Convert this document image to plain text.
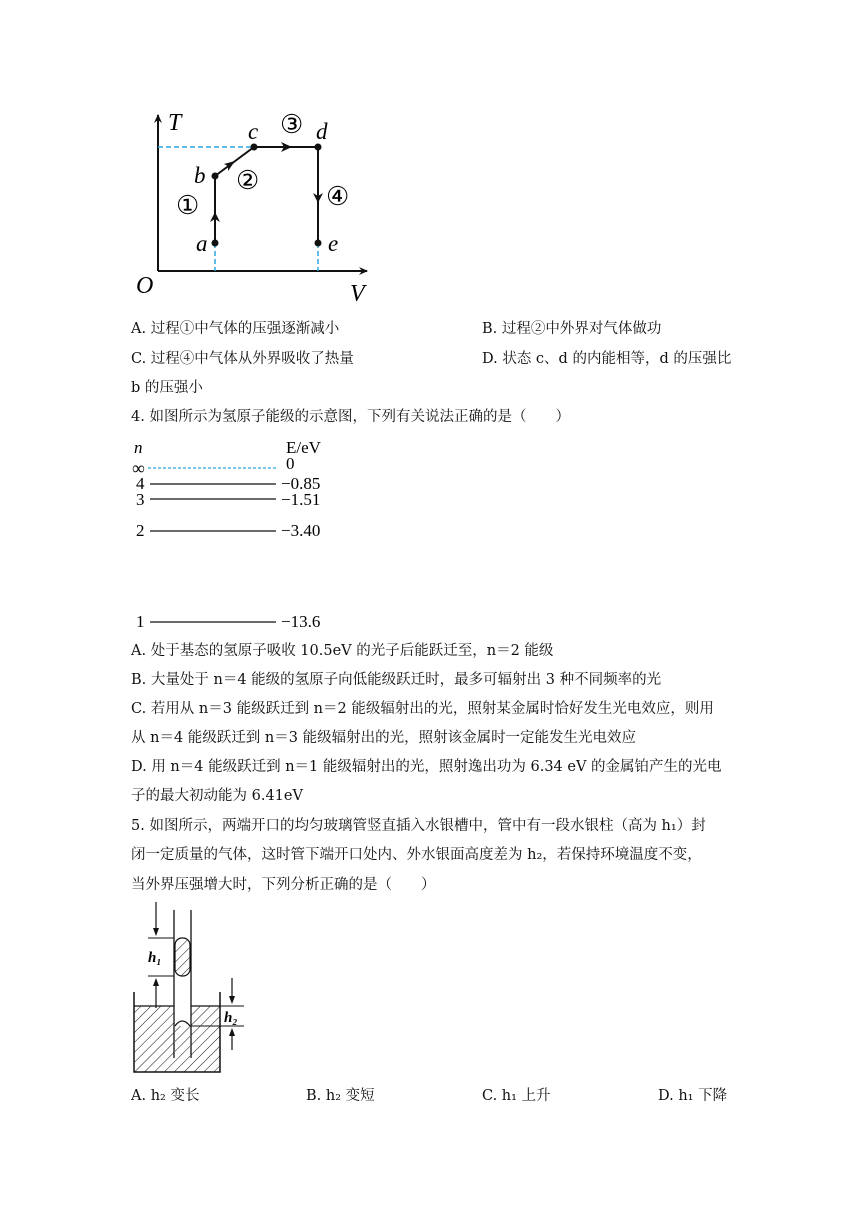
T
V
O
a
b
c	d
e
①
②
③
④
A. 过程①中气体的压强逐渐减小	B. 过程②中外界对气体做功
C. 过程④中气体从外界吸收了热量	D. 状态 c、d 的内能相等，d 的压强比
b 的压强小
4. 如图所示为氢原子能级的示意图，下列有关说法正确的是（　　）
n	E/eV
∞	0
4	−0.85
3	−1.51
2	−3.40
1	−13.6
A. 处于基态的氢原子吸收 10.5eV 的光子后能跃迁至，n＝2 能级
B. 大量处于 n＝4 能级的氢原子向低能级跃迁时，最多可辐射出 3 种不同频率的光
C. 若用从 n＝3 能级跃迁到 n＝2 能级辐射出的光，照射某金属时恰好发生光电效应，则用
从 n＝4 能级跃迁到 n＝3 能级辐射出的光，照射该金属时一定能发生光电效应
D. 用 n＝4 能级跃迁到 n＝1 能级辐射出的光，照射逸出功为 6.34 eV 的金属铂产生的光电
子的最大初动能为 6.41eV
5. 如图所示，两端开口的均匀玻璃管竖直插入水银槽中，管中有一段水银柱（高为 h₁）封
闭一定质量的气体，这时管下端开口处内、外水银面高度差为 h₂，若保持环境温度不变，
当外界压强增大时，下列分析正确的是（　　）
h₁
h₂
A. h₂ 变长	B. h₂ 变短	C. h₁ 上升	D. h₁ 下降
